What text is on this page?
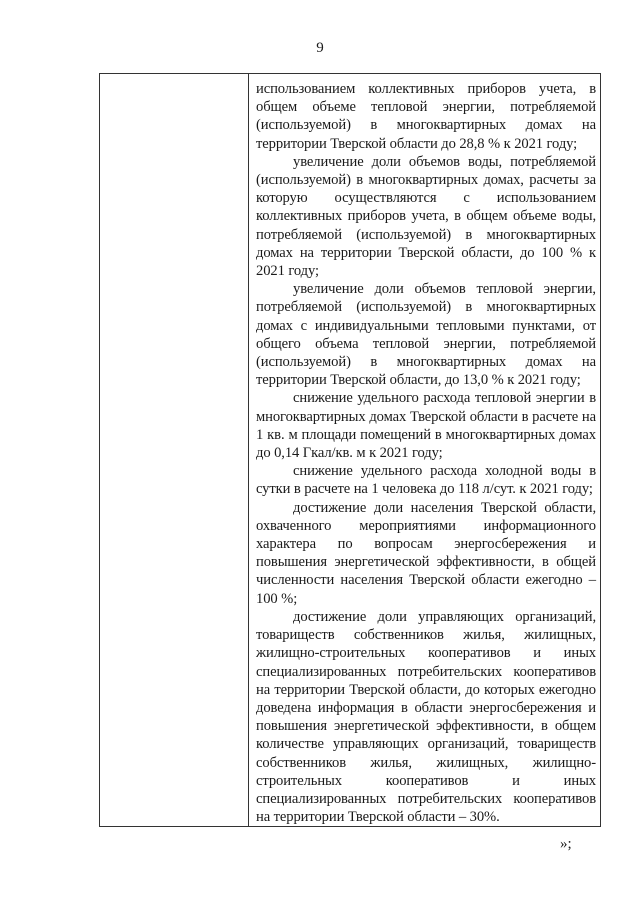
9

использованием коллективных приборов учета, в общем объеме тепловой энергии, потребляемой (используемой) в многоквартирных домах на территории Тверской области до 28,8 % к 2021 году;

увеличение доли объемов воды, потребляемой (используемой) в многоквартирных домах, расчеты за которую осуществляются с использованием коллективных приборов учета, в общем объеме воды, потребляемой (используемой) в многоквартирных домах на территории Тверской области, до 100 % к 2021 году;

увеличение доли объемов тепловой энергии, потребляемой (используемой) в многоквартирных домах с индивидуальными тепловыми пунктами, от общего объема тепловой энергии, потребляемой (используемой) в многоквартирных домах на территории Тверской области, до 13,0 % к 2021 году;

снижение удельного расхода тепловой энергии в многоквартирных домах Тверской области в расчете на 1 кв. м площади помещений в многоквартирных домах до 0,14 Гкал/кв. м к 2021 году;

снижение удельного расхода холодной воды в сутки в расчете на 1 человека до 118 л/сут. к 2021 году;

достижение доли населения Тверской области, охваченного мероприятиями информационного характера по вопросам энергосбережения и повышения энергетической эффективности, в общей численности населения Тверской области ежегодно – 100 %;

достижение доли управляющих организаций, товариществ собственников жилья, жилищных, жилищно-строительных кооперативов и иных специализированных потребительских кооперативов на территории Тверской области, до которых ежегодно доведена информация в области энергосбережения и повышения энергетической эффективности, в общем количестве управляющих организаций, товариществ собственников жилья, жилищных, жилищно-строительных кооперативов и иных специализированных потребительских кооперативов на территории Тверской области – 30%.

»;
